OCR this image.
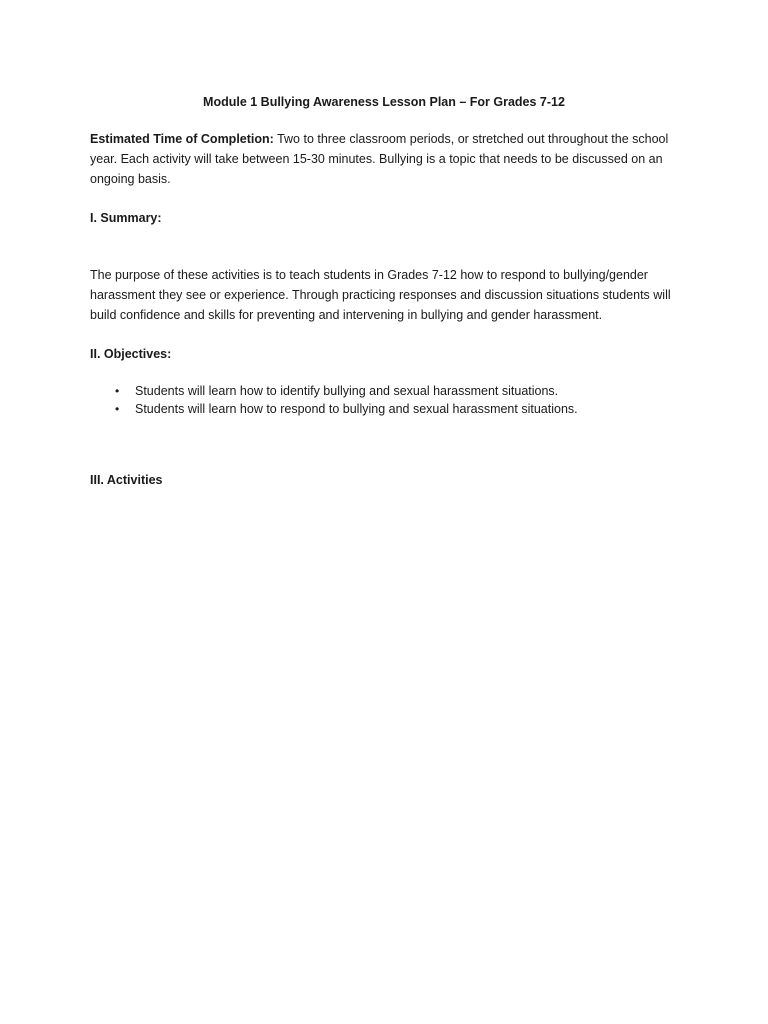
Module 1 Bullying Awareness Lesson Plan – For Grades 7-12
Estimated Time of Completion: Two to three classroom periods, or stretched out throughout the school year. Each activity will take between 15-30 minutes. Bullying is a topic that needs to be discussed on an ongoing basis.
I. Summary:
The purpose of these activities is to teach students in Grades 7-12 how to respond to bullying/gender harassment they see or experience. Through practicing responses and discussion situations students will build confidence and skills for preventing and intervening in bullying and gender harassment.
II. Objectives:
• Students will learn how to identify bullying and sexual harassment situations.
• Students will learn how to respond to bullying and sexual harassment situations.
III. Activities
